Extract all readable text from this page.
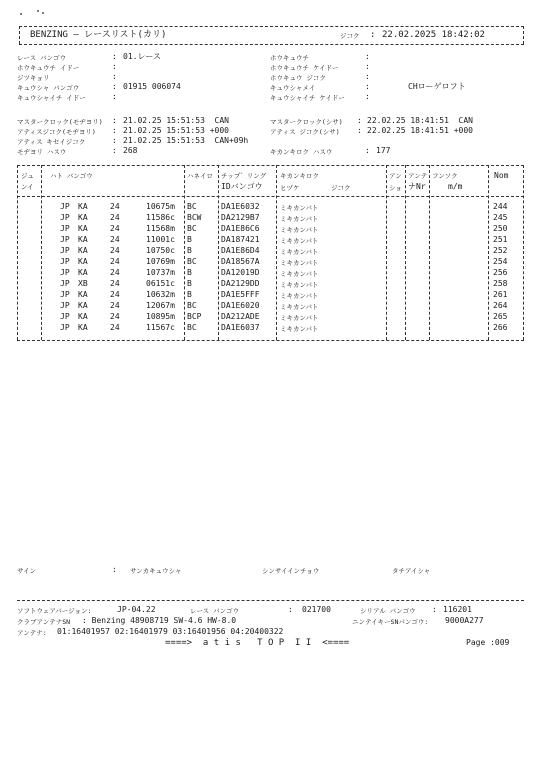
BENZING – レースリスト(カリ)	ジコク : 22.02.2025 18:42:02
レース バンゴウ	: 01.レース
ホウキュウチ イドー	:
ジツキョリ	:
キュウシャ バンゴウ	: 01915 006074
キュウシャイチ イドー	:
ホウキュウチ	:
ホウキュウチ ケイドー	:
ホウキュウ ジコク	:
キュウシャメイ	:	CHローゲロフト
キュウシャイチ ケイドー	:
マスタークロック(モヂヨリ) : 21.02.25 15:51:53  CAN	マスタークロック(シサ) : 22.02.25 18:41:51  CAN
アティスジコク(モヂヨリ) : 21.02.25 15:51:53 +000	アティス ジコク(シサ) : 22.02.25 18:41:51 +000
アティス キセイジコク	: 21.02.25 15:51:53  CAN+09h
モヂヨリ ハスウ	: 268	キカンキロク ハスウ	: 177
ジュ
ンイ
ハト バンゴウ	ハネイロ チップ゛リング
IDバンゴウ
キカンキロク
ヒヅケ	ジコク
アン
ショ
アンテ
ナNr
フンソク
m/m
Nom
JP KA	24	10675m BC	DA1E6032	ミキカンバト	244
JP KA	24	11586c BCW DA2129B7	ミキカンバト	245
JP KA	24	11568m BC	DA1E86C6	ミキカンバト	250
JP KA	24	11001c B	DA187421	ミキカンバト	251
JP KA	24	10750c B	DA1E86D4	ミキカンバト	252
JP KA	24	10769m BC	DA18567A	ミキカンバト	254
JP KA	24	10737m B	DA12019D	ミキカンバト	256
JP XB	24	06151c B	DA2129DD	ミキカンバト	258
JP KA	24	10632m B	DA1E5FFF	ミキカンバト	261
JP KA	24	12067m BC	DA1E6020	ミキカンバト	264
JP KA	24	10895m BCP DA212ADE	ミキカンバト	265
JP KA	24	11567c BC	DA1E6037	ミキカンバト	266
サイン	: サンカキュウシャ	シンサイインチョウ	タチアイシャ
ソフトウェアバージョン:	JP-04.22	レース バンゴウ	: 021700	シリアル バンゴウ : 116201
クラブアンテナSN : Benzing 48908719 SW-4.6 HW-8.0	ニンテイキーSNバンゴウ: 9000A277
アンテナ: 01:16401957 02:16401979 03:16401956 04:20400322
====>  a t i s   T O P  I I  <====	Page :009
